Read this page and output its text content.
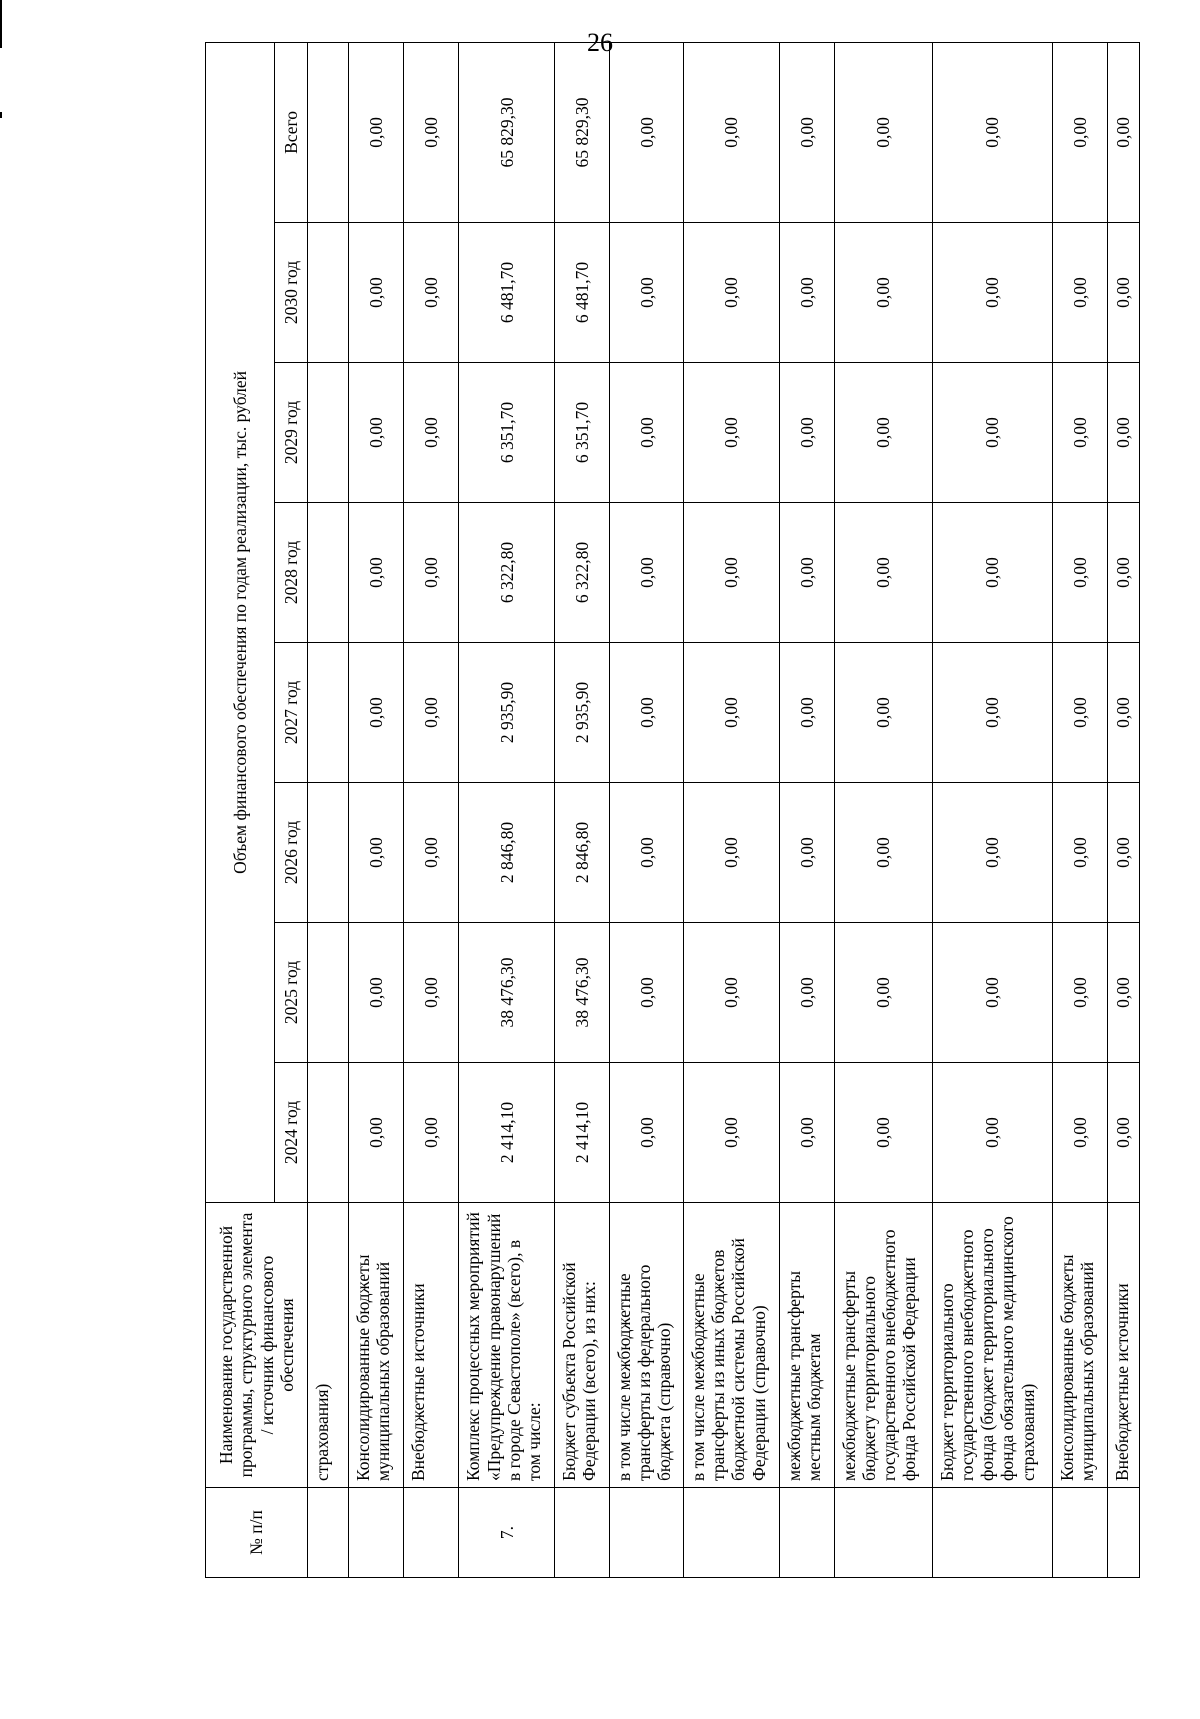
26
№ п/п	Наименование государственной программы, структурного элемента / источник финансового обеспечения	Объем финансового обеспечения по годам реализации, тыс. рублей							
		2024 год	2025 год	2026 год	2027 год	2028 год	2029 год	2030 год	Всего
	страхования)								
	Консолидированные бюджеты муниципальных образований	0,00	0,00	0,00	0,00	0,00	0,00	0,00	0,00
	Внебюджетные источники	0,00	0,00	0,00	0,00	0,00	0,00	0,00	0,00
7.	Комплекс процессных мероприятий «Предупреждение правонарушений в городе Севастополе» (всего), в том числе:	2 414,10	38 476,30	2 846,80	2 935,90	6 322,80	6 351,70	6 481,70	65 829,30
	Бюджет субъекта Российской Федерации (всего), из них:	2 414,10	38 476,30	2 846,80	2 935,90	6 322,80	6 351,70	6 481,70	65 829,30
	в том числе межбюджетные трансферты из федерального бюджета (справочно)	0,00	0,00	0,00	0,00	0,00	0,00	0,00	0,00
	в том числе межбюджетные трансферты из иных бюджетов бюджетной системы Российской Федерации (справочно)	0,00	0,00	0,00	0,00	0,00	0,00	0,00	0,00
	межбюджетные трансферты местным бюджетам	0,00	0,00	0,00	0,00	0,00	0,00	0,00	0,00
	межбюджетные трансферты бюджету территориального государственного внебюджетного фонда Российской Федерации	0,00	0,00	0,00	0,00	0,00	0,00	0,00	0,00
	Бюджет территориального государственного внебюджетного фонда (бюджет территориального фонда обязательного медицинского страхования)	0,00	0,00	0,00	0,00	0,00	0,00	0,00	0,00
	Консолидированные бюджеты муниципальных образований	0,00	0,00	0,00	0,00	0,00	0,00	0,00	0,00
	Внебюджетные источники	0,00	0,00	0,00	0,00	0,00	0,00	0,00	0,00
